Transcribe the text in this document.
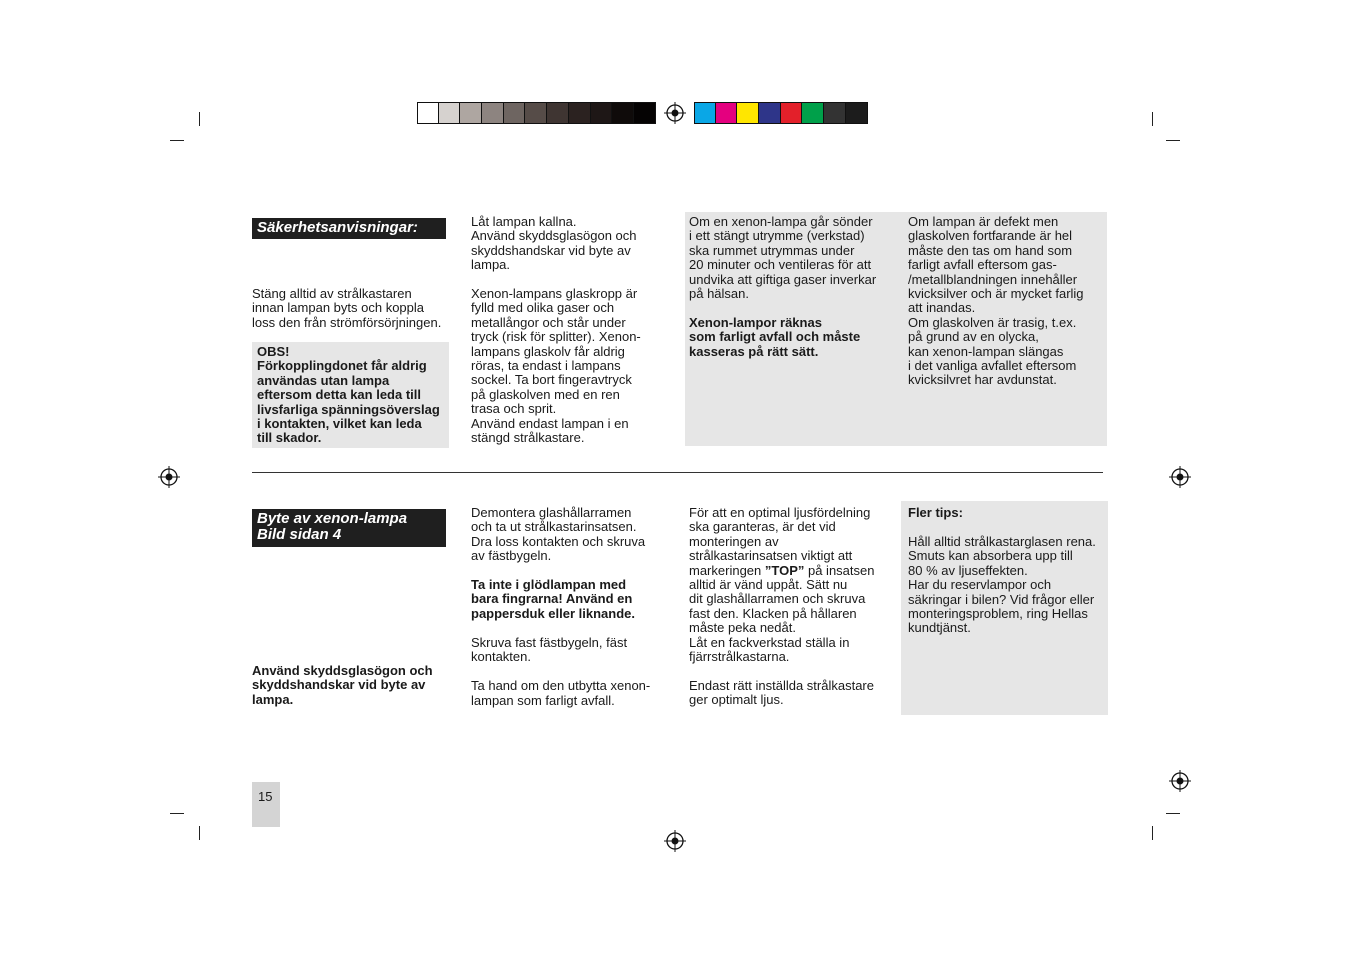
Säkerhetsanvisningar:
Stäng alltid av strålkastaren
innan lampan byts och koppla
loss den från strömförsörjningen.
OBS!
Förkopplingdonet får aldrig
användas utan lampa
eftersom detta kan leda till
livsfarliga spänningsöverslag
i kontakten, vilket kan leda
till skador.
Låt lampan kallna.
Använd skyddsglasögon och
skyddshandskar vid byte av
lampa.

Xenon-lampans glaskropp är
fylld med olika gaser och
metallångor och står under
tryck (risk för splitter). Xenon-
lampans glaskolv får aldrig
röras, ta endast i lampans
sockel. Ta bort fingeravtryck
på glaskolven med en ren
trasa och sprit.
Använd endast lampan i en
stängd strålkastare.
Om en xenon-lampa går sönder
i ett stängt utrymme (verkstad)
ska rummet utrymmas under
20 minuter och ventileras för att
undvika att giftiga gaser inverkar
på hälsan.
Xenon-lampor räknas
som farligt avfall och måste
kasseras på rätt sätt.
Om lampan är defekt men
glaskolven fortfarande är hel
måste den tas om hand som
farligt avfall eftersom gas-
/metallblandningen innehåller
kvicksilver och är mycket farlig
att inandas.
Om glaskolven är trasig, t.ex.
på grund av en olycka,
kan xenon-lampan slängas
i det vanliga avfallet eftersom
kvicksilvret har avdunstat.
Byte av xenon-lampa
Bild sidan 4
Använd skyddsglasögon och
skyddshandskar vid byte av
lampa.
Demontera glashållarramen
och ta ut strålkastarinsatsen.
Dra loss kontakten och skruva
av fästbygeln.
Ta inte i glödlampan med
bara fingrarna! Använd en
pappersduk eller liknande.
Skruva fast fästbygeln, fäst
kontakten.

Ta hand om den utbytta xenon-
lampan som farligt avfall.
För att en optimal ljusfördelning
ska garanteras, är det vid
monteringen av
strålkastarinsatsen viktigt att
markeringen ”TOP” på insatsen
alltid är vänd uppåt. Sätt nu
dit glashållarramen och skruva
fast den. Klacken på hållaren
måste peka nedåt.
Låt en fackverkstad ställa in
fjärrstrålkastarna.

Endast rätt inställda strålkastare
ger optimalt ljus.
Fler tips:
Håll alltid strålkastarglasen rena.
Smuts kan absorbera upp till
80 % av ljuseffekten.
Har du reservlampor och
säkringar i bilen? Vid frågor eller
monteringsproblem, ring Hellas
kundtjänst.
15
